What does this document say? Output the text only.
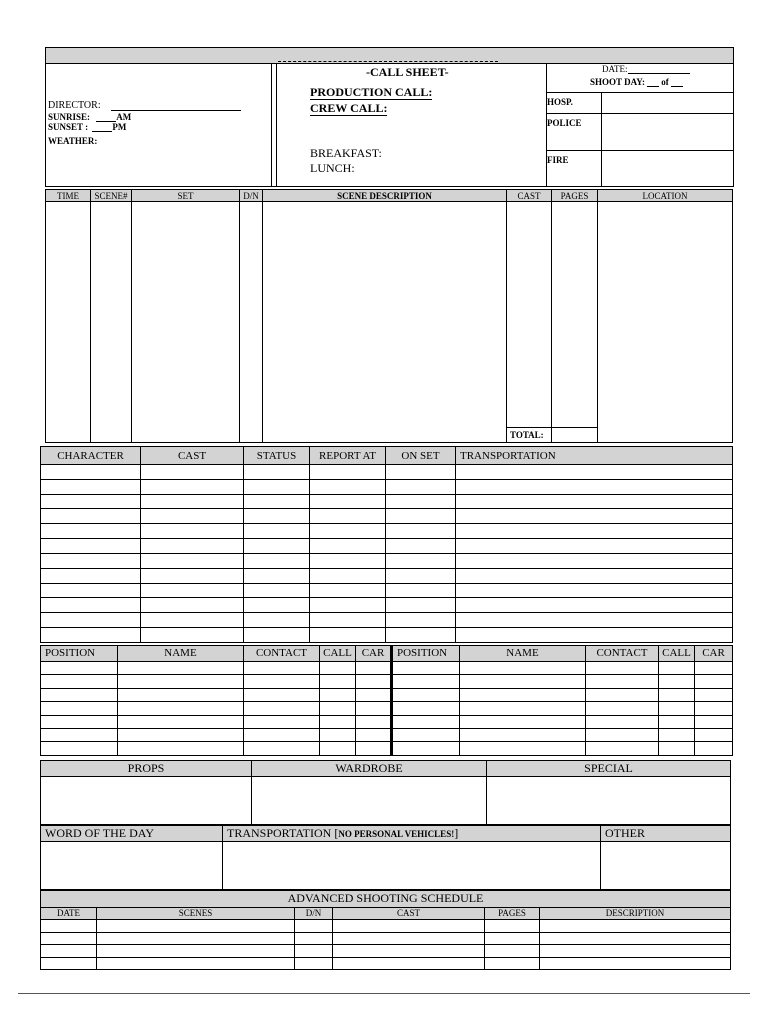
DIRECTOR:
SUNRISE:	AM
SUNSET :	PM
WEATHER:
-CALL SHEET-
PRODUCTION CALL:
CREW CALL:
BREAKFAST:
LUNCH:
DATE:
SHOOT DAY: of
HOSP.
POLICE
FIRE
TIME	SCENE#	SET	D/N	SCENE DESCRIPTION	CAST	PAGES	LOCATION

					TOTAL:		
CHARACTER	CAST	STATUS	REPORT AT	ON SET	TRANSPORTATION

POSITION	NAME	CONTACT	CALL	CAR	POSITION	NAME	CONTACT	CALL	CAR

PROPS	WARDROBE	SPECIAL

WORD OF THE DAY	TRANSPORTATION [NO PERSONAL VEHICLES!]	OTHER

ADVANCED SHOOTING SCHEDULE					
DATE	SCENES	D/N	CAST	PAGES	DESCRIPTION
